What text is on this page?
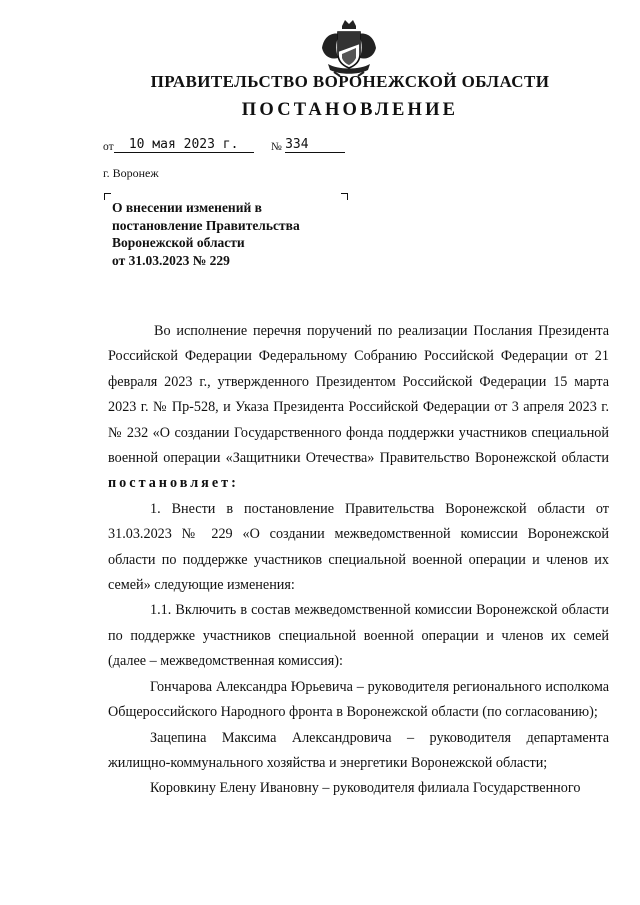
ПРАВИТЕЛЬСТВО ВОРОНЕЖСКОЙ ОБЛАСТИ
ПОСТАНОВЛЕНИЕ
от 10 мая 2023 г.	№ 334
г. Воронеж
О внесении изменений в
постановление Правительства
Воронежской области
от 31.03.2023 № 229

Во исполнение перечня поручений по реализации Послания Президента Российской Федерации Федеральному Собранию Российской Федерации от 21 февраля 2023 г., утвержденного Президентом Российской Федерации 15 марта 2023 г. № Пр-528, и Указа Президента Российской Федерации от 3 апреля 2023 г. № 232 «О создании Государственного фонда поддержки участников специальной военной операции «Защитники Отечества» Правительство Воронежской области постановляет:

1. Внести в постановление Правительства Воронежской области от 31.03.2023 № 229 «О создании межведомственной комиссии Воронежской области по поддержке участников специальной военной операции и членов их семей» следующие изменения:

1.1. Включить в состав межведомственной комиссии Воронежской области по поддержке участников специальной военной операции и членов их семей (далее – межведомственная комиссия):

Гончарова Александра Юрьевича – руководителя регионального исполкома Общероссийского Народного фронта в Воронежской области (по согласованию);

Зацепина Максима Александровича – руководителя департамента жилищно-коммунального хозяйства и энергетики Воронежской области;

Коровкину Елену Ивановну – руководителя филиала Государственного
